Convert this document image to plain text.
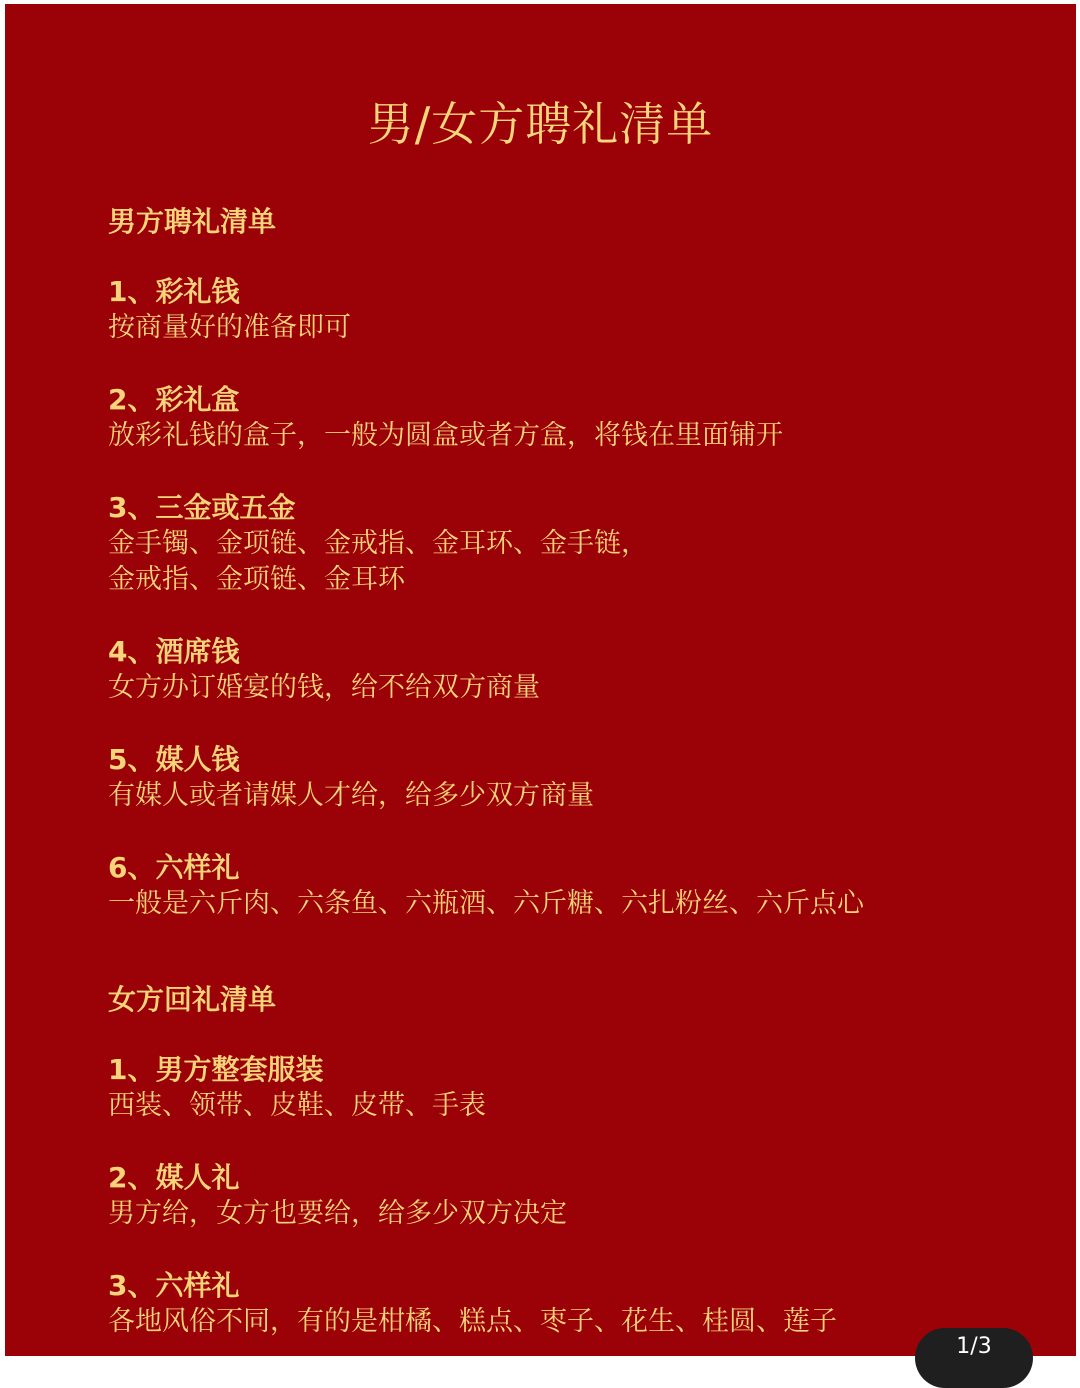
男/女方聘礼清单
男方聘礼清单
1、彩礼钱
按商量好的准备即可
2、彩礼盒
放彩礼钱的盒子，一般为圆盒或者方盒，将钱在里面铺开
3、三金或五金
金手镯、金项链、金戒指、金耳环、金手链，
金戒指、金项链、金耳环
4、酒席钱
女方办订婚宴的钱，给不给双方商量
5、媒人钱
有媒人或者请媒人才给，给多少双方商量
6、六样礼
一般是六斤肉、六条鱼、六瓶酒、六斤糖、六扎粉丝、六斤点心
女方回礼清单
1、男方整套服装
西装、领带、皮鞋、皮带、手表
2、媒人礼
男方给，女方也要给，给多少双方决定
3、六样礼
各地风俗不同，有的是柑橘、糕点、枣子、花生、桂圆、莲子
1/3
